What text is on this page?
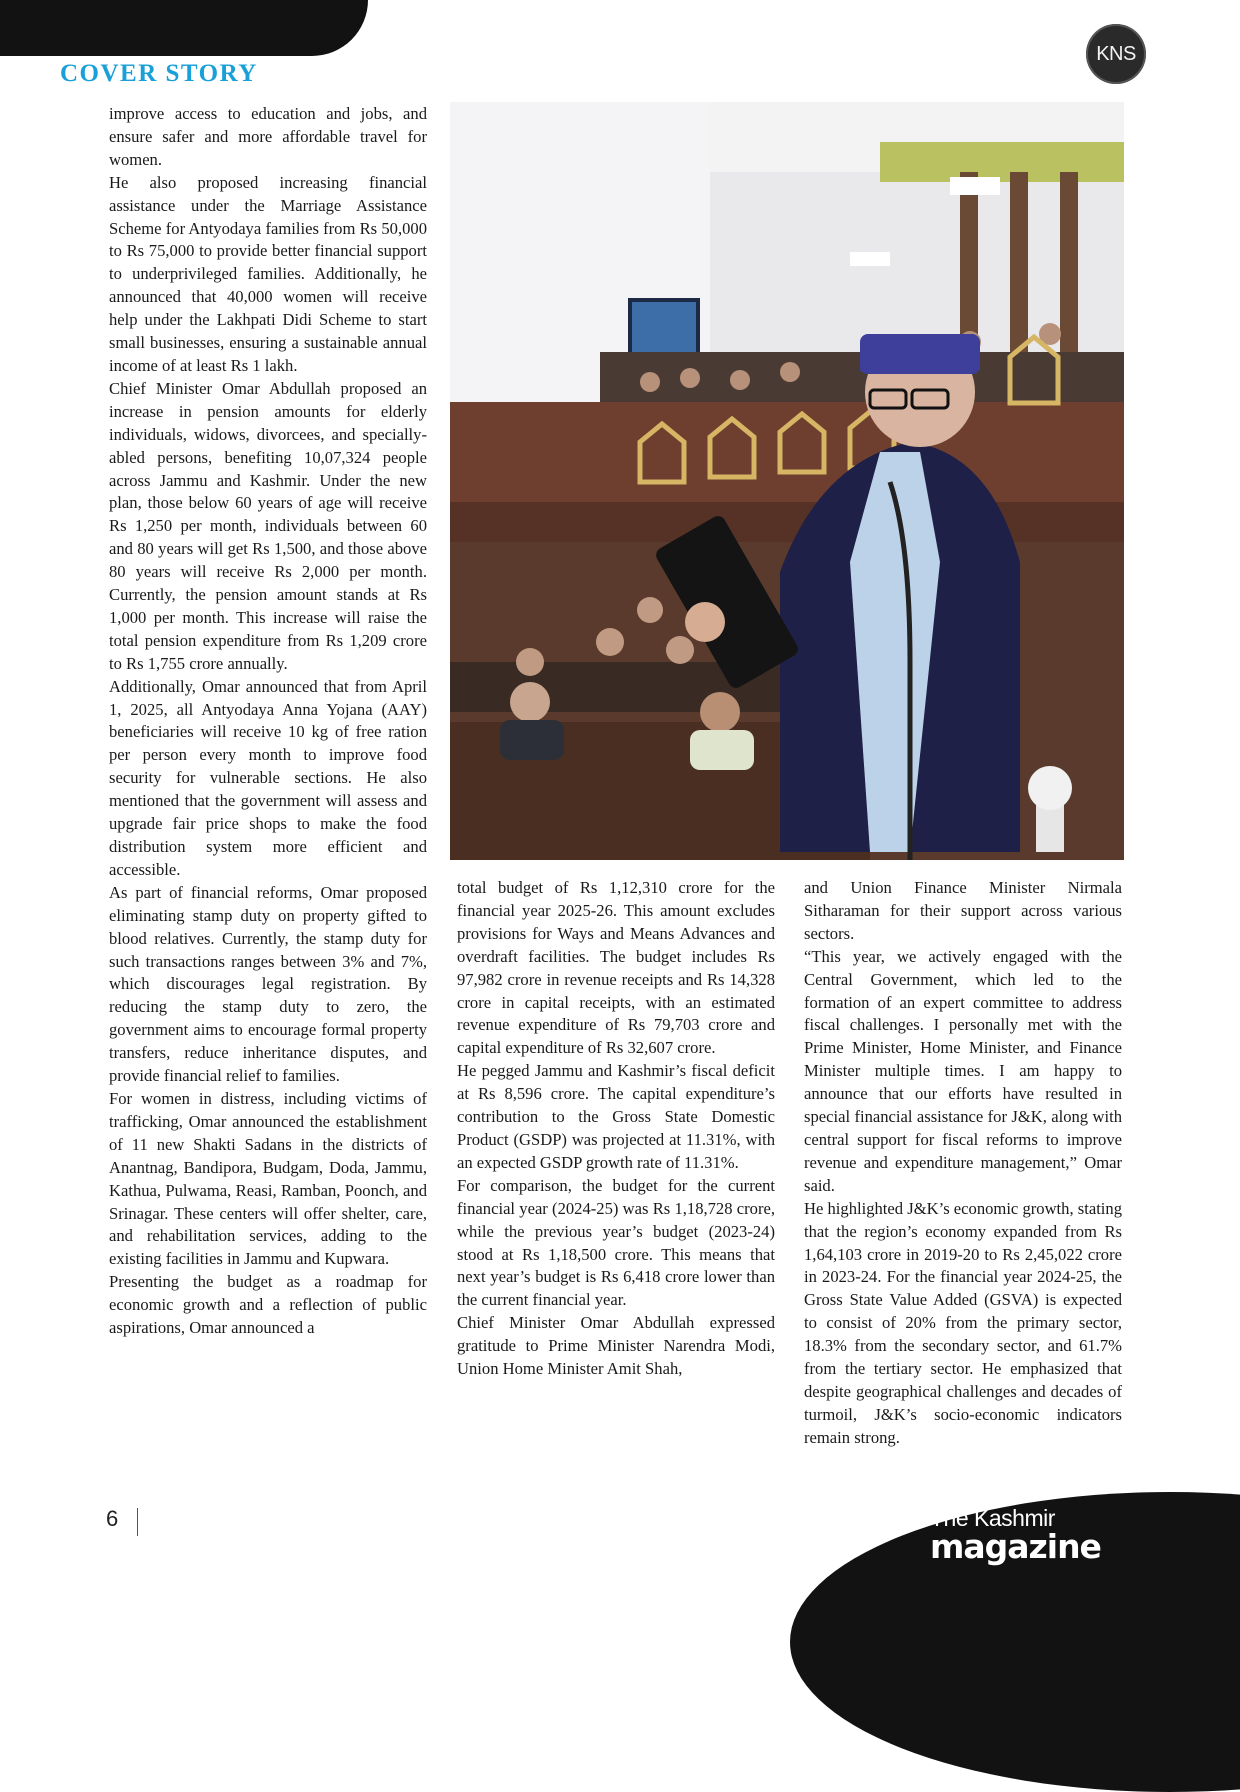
COVER STORY
KNS

improve access to education and jobs, and ensure safer and more affordable travel for women.

He also proposed increasing financial assistance under the Marriage Assistance Scheme for Antyodaya families from Rs 50,000 to Rs 75,000 to provide better financial support to underprivileged families. Additionally, he announced that 40,000 women will receive help under the Lakhpati Didi Scheme to start small businesses, ensuring a sustainable annual income of at least Rs 1 lakh.

Chief Minister Omar Abdullah proposed an increase in pension amounts for elderly individuals, widows, divorcees, and specially-abled persons, benefiting 10,07,324 people across Jammu and Kashmir. Under the new plan, those below 60 years of age will receive Rs 1,250 per month, individuals between 60 and 80 years will get Rs 1,500, and those above 80 years will receive Rs 2,000 per month. Currently, the pension amount stands at Rs 1,000 per month. This increase will raise the total pension expenditure from Rs 1,209 crore to Rs 1,755 crore annually.

Additionally, Omar announced that from April 1, 2025, all Antyodaya Anna Yojana (AAY) beneficiaries will receive 10 kg of free ration per person every month to improve food security for vulnerable sections. He also mentioned that the government will assess and upgrade fair price shops to make the food distribution system more efficient and accessible.

As part of financial reforms, Omar proposed eliminating stamp duty on property gifted to blood relatives. Currently, the stamp duty for such transactions ranges between 3% and 7%, which discourages legal registration. By reducing the stamp duty to zero, the government aims to encourage formal property transfers, reduce inheritance disputes, and provide financial relief to families.

For women in distress, including victims of trafficking, Omar announced the establishment of 11 new Shakti Sadans in the districts of Anantnag, Bandipora, Budgam, Doda, Jammu, Kathua, Pulwama, Reasi, Ramban, Poonch, and Srinagar. These centers will offer shelter, care, and rehabilitation services, adding to the existing facilities in Jammu and Kupwara.

Presenting the budget as a roadmap for economic growth and a reflection of public aspirations, Omar announced a

total budget of Rs 1,12,310 crore for the financial year 2025-26. This amount excludes provisions for Ways and Means Advances and overdraft facilities. The budget includes Rs 97,982 crore in revenue receipts and Rs 14,328 crore in capital receipts, with an estimated revenue expenditure of Rs 79,703 crore and capital expenditure of Rs 32,607 crore.

He pegged Jammu and Kashmir’s fiscal deficit at Rs 8,596 crore. The capital expenditure’s contribution to the Gross State Domestic Product (GSDP) was projected at 11.31%, with an expected GSDP growth rate of 11.31%.

For comparison, the budget for the current financial year (2024-25) was Rs 1,18,728 crore, while the previous year’s budget (2023-24) stood at Rs 1,18,500 crore. This means that next year’s budget is Rs 6,418 crore lower than the current financial year.

Chief Minister Omar Abdullah expressed gratitude to Prime Minister Narendra Modi, Union Home Minister Amit Shah,

and Union Finance Minister Nirmala Sitharaman for their support across various sectors.

“This year, we actively engaged with the Central Government, which led to the formation of an expert committee to address fiscal challenges. I personally met with the Prime Minister, Home Minister, and Finance Minister multiple times. I am happy to announce that our efforts have resulted in special financial assistance for J&K, along with central support for fiscal reforms to improve revenue and expenditure management,” Omar said.

He highlighted J&K’s economic growth, stating that the region’s economy expanded from Rs 1,64,103 crore in 2019-20 to Rs 2,45,022 crore in 2023-24. For the financial year 2024-25, the Gross State Value Added (GSVA) is expected to consist of 20% from the primary sector, 18.3% from the secondary sector, and 61.7% from the tertiary sector. He emphasized that despite geographical challenges and decades of turmoil, J&K’s socio-economic indicators remain strong.

6	The Kashmir
magazine
